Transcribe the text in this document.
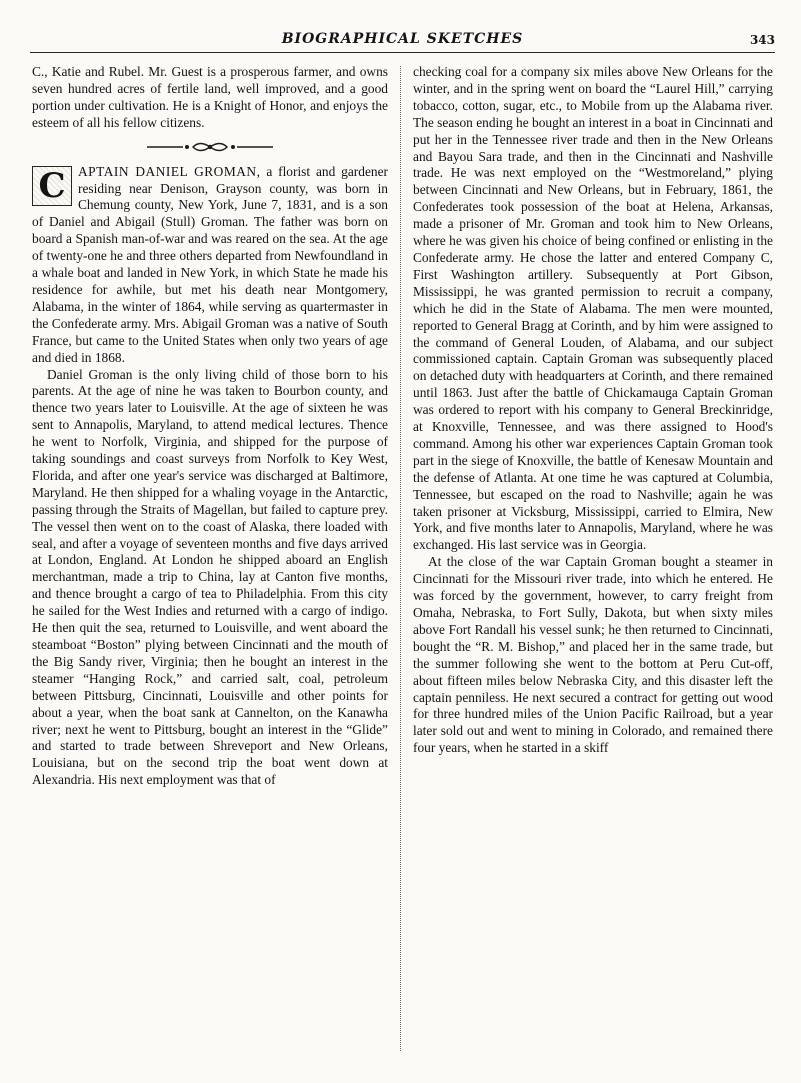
BIOGRAPHICAL SKETCHES	343

C., Katie and Rubel. Mr. Guest is a prosperous farmer, and owns seven hundred acres of fertile land, well improved, and a good portion under cultivation. He is a Knight of Honor, and enjoys the esteem of all his fellow citizens.

C APTAIN DANIEL GROMAN, a florist and gardener residing near Denison, Grayson county, was born in Chemung county, New York, June 7, 1831, and is a son of Daniel and Abigail (Stull) Groman. The father was born on board a Spanish man-of-war and was reared on the sea. At the age of twenty-one he and three others departed from Newfoundland in a whale boat and landed in New York, in which State he made his residence for awhile, but met his death near Montgomery, Alabama, in the winter of 1864, while serving as quartermaster in the Confederate army. Mrs. Abigail Groman was a native of South France, but came to the United States when only two years of age and died in 1868.

Daniel Groman is the only living child of those born to his parents. At the age of nine he was taken to Bourbon county, and thence two years later to Louisville. At the age of sixteen he was sent to Annapolis, Maryland, to attend medical lectures. Thence he went to Norfolk, Virginia, and shipped for the purpose of taking soundings and coast surveys from Norfolk to Key West, Florida, and after one year's service was discharged at Baltimore, Maryland. He then shipped for a whaling voyage in the Antarctic, passing through the Straits of Magellan, but failed to capture prey. The vessel then went on to the coast of Alaska, there loaded with seal, and after a voyage of seventeen months and five days arrived at London, England. At London he shipped aboard an English merchantman, made a trip to China, lay at Canton five months, and thence brought a cargo of tea to Philadelphia. From this city he sailed for the West Indies and returned with a cargo of indigo. He then quit the sea, returned to Louisville, and went aboard the steamboat “Boston” plying between Cincinnati and the mouth of the Big Sandy river, Virginia; then he bought an interest in the steamer “Hanging Rock,” and carried salt, coal, petroleum between Pittsburg, Cincinnati, Louisville and other points for about a year, when the boat sank at Cannelton, on the Kanawha river; next he went to Pittsburg, bought an interest in the “Glide” and started to trade between Shreveport and New Orleans, Louisiana, but on the second trip the boat went down at Alexandria. His next employment was that of

checking coal for a company six miles above New Orleans for the winter, and in the spring went on board the “Laurel Hill,” carrying tobacco, cotton, sugar, etc., to Mobile from up the Alabama river. The season ending he bought an interest in a boat in Cincinnati and put her in the Tennessee river trade and then in the New Orleans and Bayou Sara trade, and then in the Cincinnati and Nashville trade. He was next employed on the “Westmoreland,” plying between Cincinnati and New Orleans, but in February, 1861, the Confederates took possession of the boat at Helena, Arkansas, made a prisoner of Mr. Groman and took him to New Orleans, where he was given his choice of being confined or enlisting in the Confederate army. He chose the latter and entered Company C, First Washington artillery. Subsequently at Port Gibson, Mississippi, he was granted permission to recruit a company, which he did in the State of Alabama. The men were mounted, reported to General Bragg at Corinth, and by him were assigned to the command of General Louden, of Alabama, and our subject commissioned captain. Captain Groman was subsequently placed on detached duty with headquarters at Corinth, and there remained until 1863. Just after the battle of Chickamauga Captain Groman was ordered to report with his company to General Breckinridge, at Knoxville, Tennessee, and was there assigned to Hood's command. Among his other war experiences Captain Groman took part in the siege of Knoxville, the battle of Kenesaw Mountain and the defense of Atlanta. At one time he was captured at Columbia, Tennessee, but escaped on the road to Nashville; again he was taken prisoner at Vicksburg, Mississippi, carried to Elmira, New York, and five months later to Annapolis, Maryland, where he was exchanged. His last service was in Georgia.

At the close of the war Captain Groman bought a steamer in Cincinnati for the Missouri river trade, into which he entered. He was forced by the government, however, to carry freight from Omaha, Nebraska, to Fort Sully, Dakota, but when sixty miles above Fort Randall his vessel sunk; he then returned to Cincinnati, bought the “R. M. Bishop,” and placed her in the same trade, but the summer following she went to the bottom at Peru Cut-off, about fifteen miles below Nebraska City, and this disaster left the captain penniless. He next secured a contract for getting out wood for three hundred miles of the Union Pacific Railroad, but a year later sold out and went to mining in Colorado, and remained there four years, when he started in a skiff
